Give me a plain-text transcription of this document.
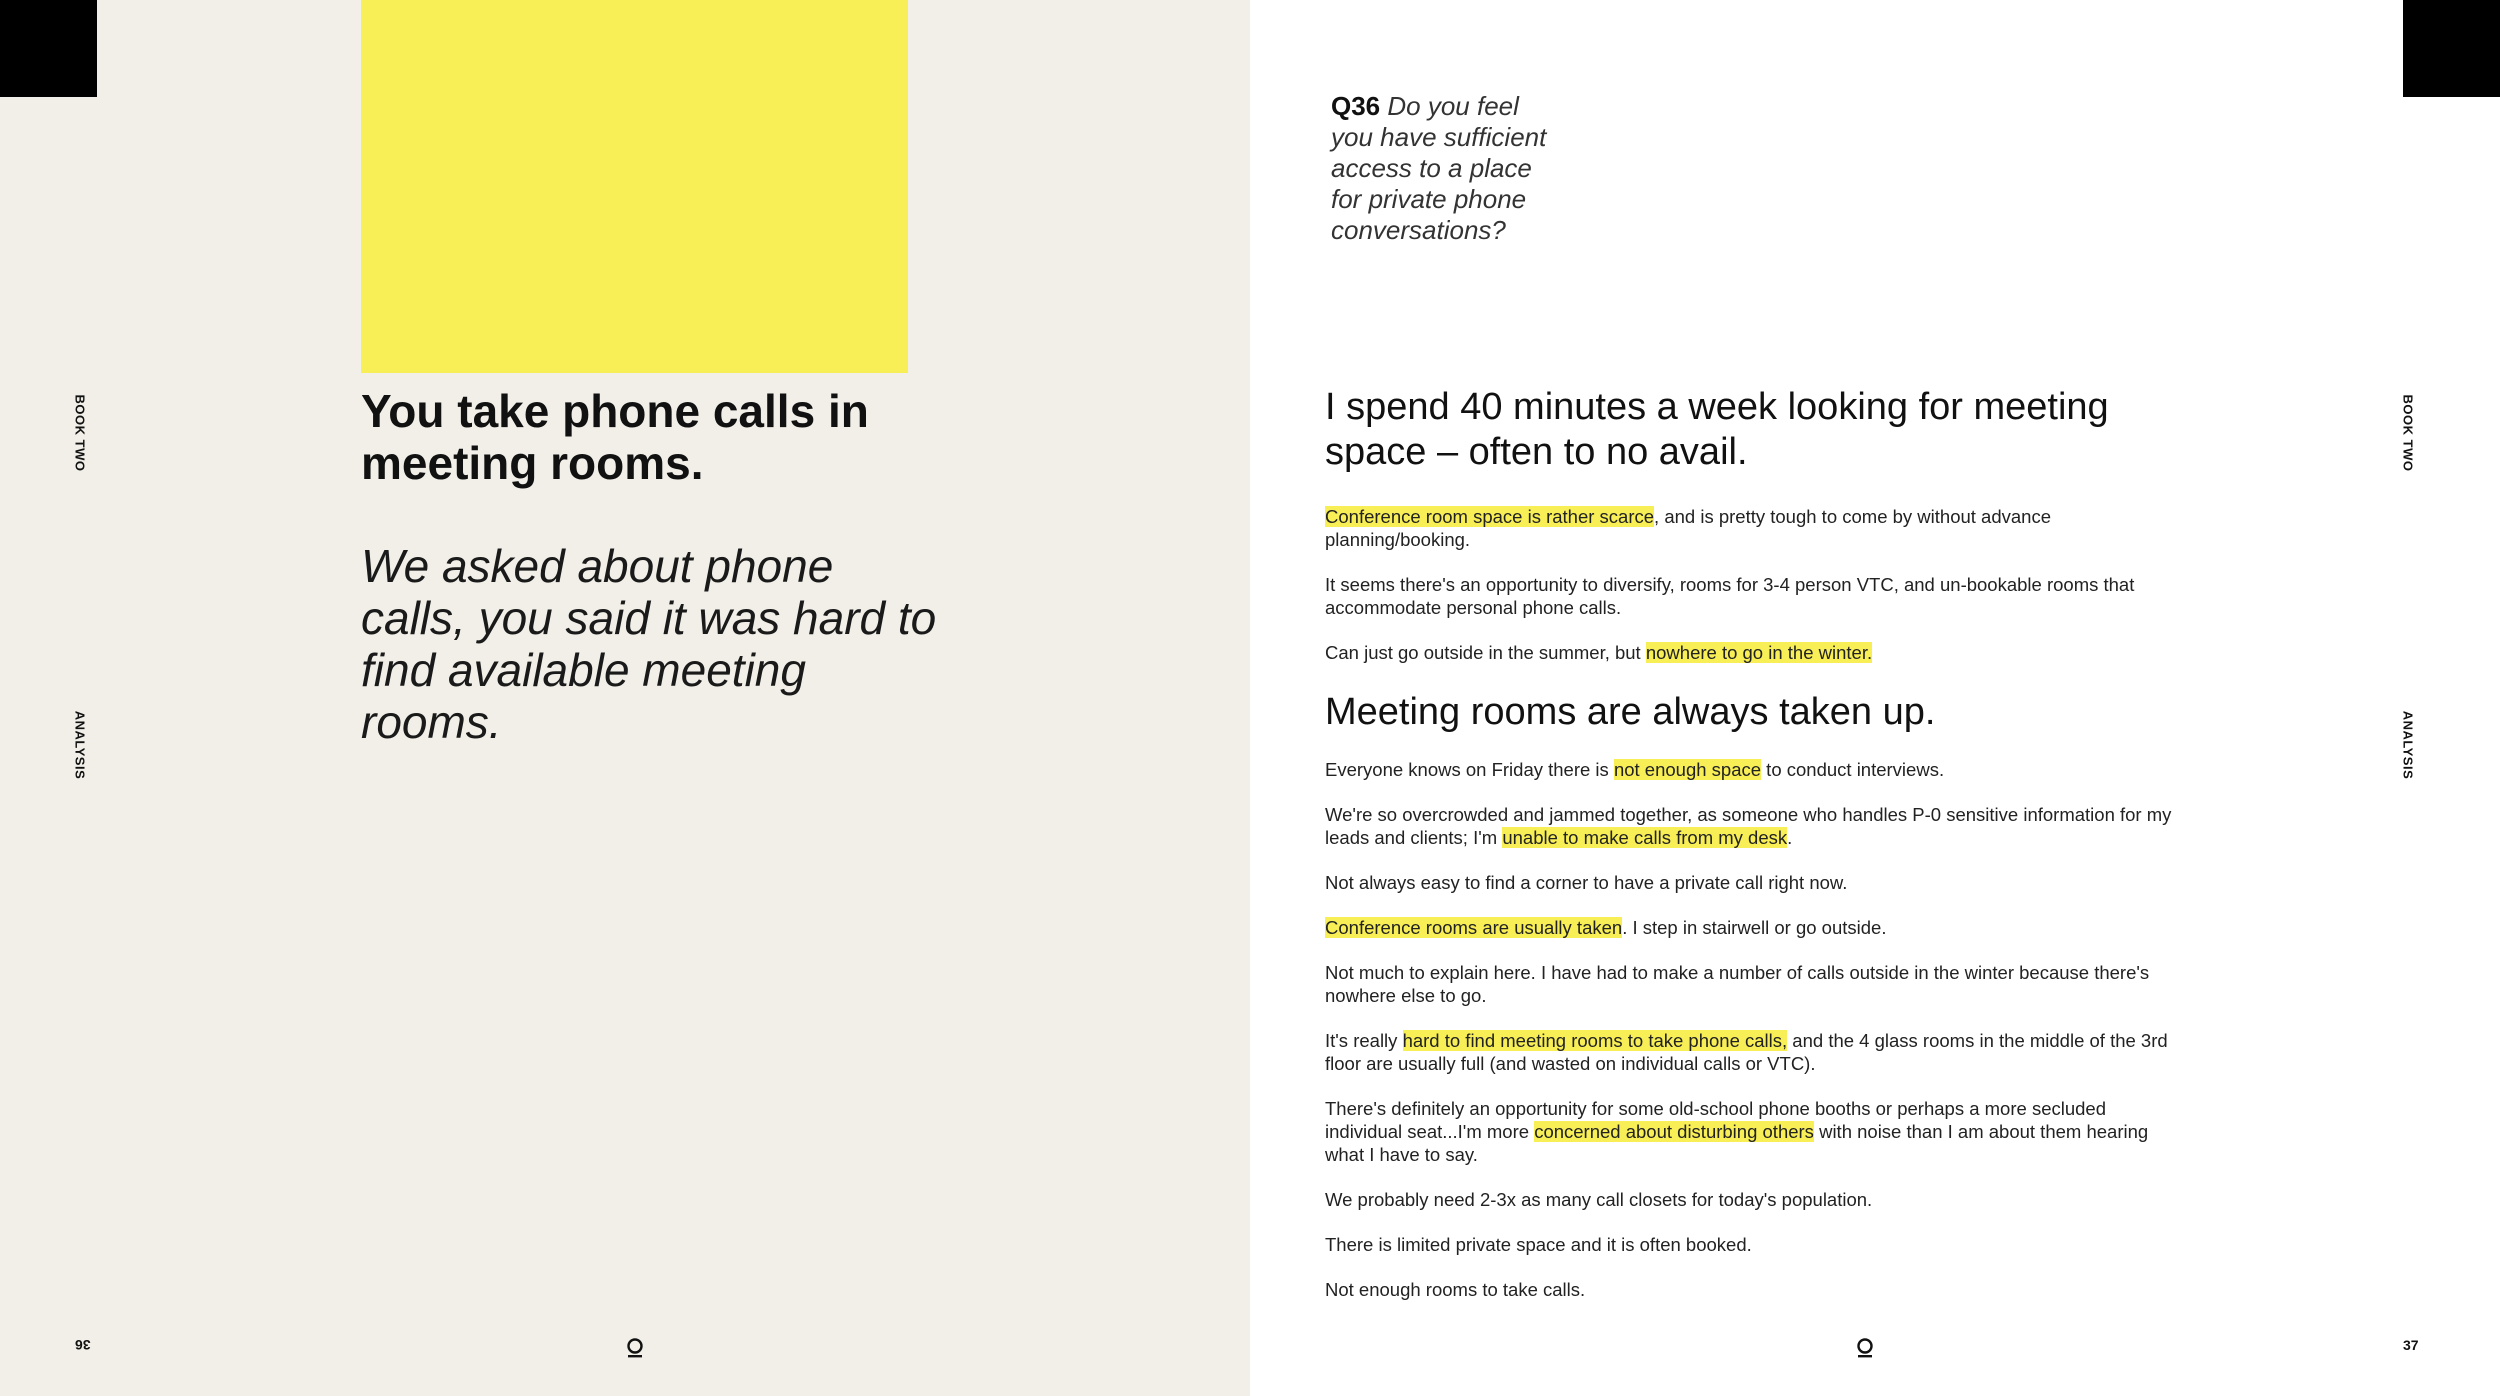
BOOK TWO
ANALYSIS
You take phone calls in meeting rooms.
We asked about phone calls, you said it was hard to find available meeting rooms.
36
BOOK TWO
ANALYSIS

Q36 Do you feel you have sufficient access to a place for private phone conversations?

I spend 40 minutes a week looking for meeting space – often to no avail.

Conference room space is rather scarce, and is pretty tough to come by without advance planning/booking.

It seems there's an opportunity to diversify, rooms for 3-4 person VTC, and un-bookable rooms that accommodate personal phone calls.

Can just go outside in the summer, but nowhere to go in the winter.

Meeting rooms are always taken up.

Everyone knows on Friday there is not enough space to conduct interviews.

We're so overcrowded and jammed together, as someone who handles P-0 sensitive information for my leads and clients; I'm unable to make calls from my desk.

Not always easy to find a corner to have a private call right now.

Conference rooms are usually taken. I step in stairwell or go outside.

Not much to explain here. I have had to make a number of calls outside in the winter because there's nowhere else to go.

It's really hard to find meeting rooms to take phone calls, and the 4 glass rooms in the middle of the 3rd floor are usually full (and wasted on individual calls or VTC).

There's definitely an opportunity for some old-school phone booths or perhaps a more secluded individual seat...I'm more concerned about disturbing others with noise than I am about them hearing what I have to say.

We probably need 2-3x as many call closets for today's population.

There is limited private space and it is often booked.

Not enough rooms to take calls.

37
